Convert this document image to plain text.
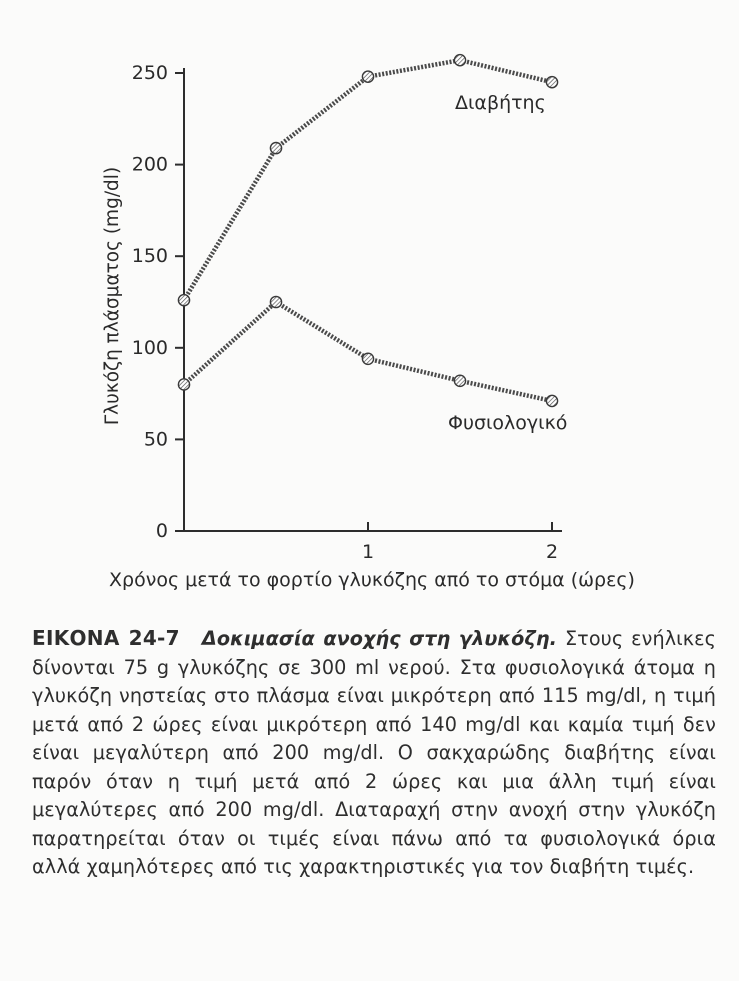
0
50
100
150
200
250
1	2
Γλυκόζη πλάσματος (mg/dl)
Χρόνος μετά το φορτίο γλυκόζης από το στόμα (ώρες)
Διαβήτης
Φυσιολογικό
ΕΙΚΟΝΑ 24-7 Δοκιμασία ανοχής στη γλυκόζη. Στους ενήλικες δίνονται 75 g γλυκόζης σε 300 ml νερού. Στα φυσιολογικά άτομα η γλυκόζη νηστείας στο πλάσμα είναι μικρότερη από 115 mg/dl, η τιμή μετά από 2 ώρες είναι μικρότερη από 140 mg/dl και καμία τιμή δεν είναι μεγαλύτερη από 200 mg/dl. Ο σακχαρώδης διαβήτης είναι παρόν όταν η τιμή μετά από 2 ώρες και μια άλλη τιμή είναι μεγαλύτερες από 200 mg/dl. Διαταραχή στην ανοχή στην γλυκόζη παρατηρείται όταν οι τιμές είναι πάνω από τα φυσιολογικά όρια αλλά χαμηλότερες από τις χαρακτηριστικές για τον διαβήτη τιμές.
